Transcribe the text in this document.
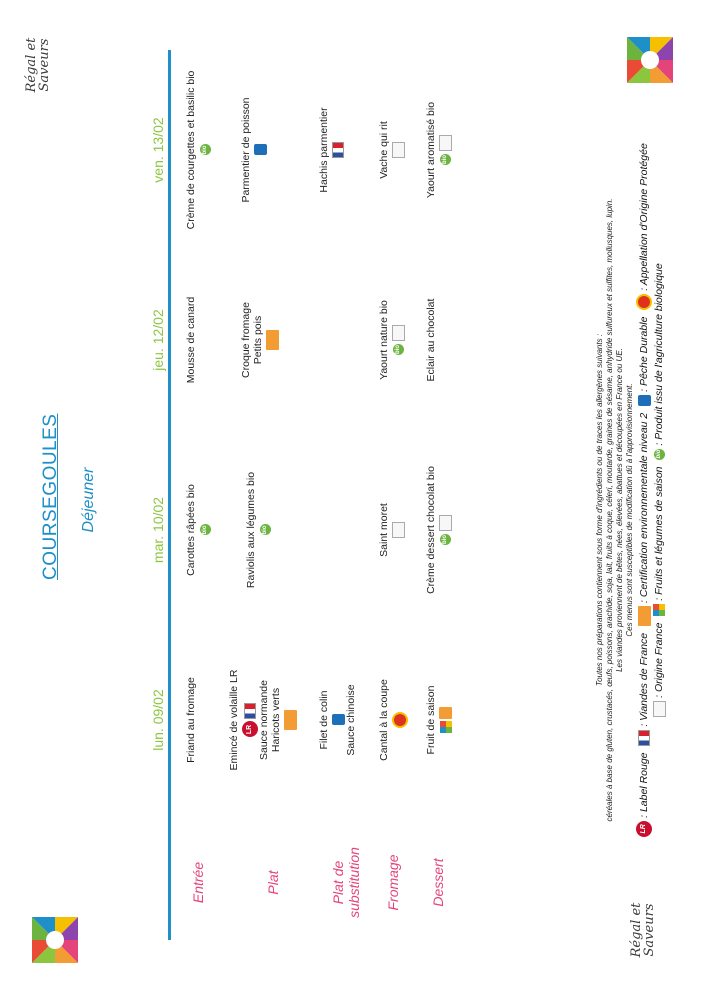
Régal et Saveurs
Régal et Saveurs
COURSEGOULES Déjeuner
lun. 09/02
mar. 10/02
jeu. 12/02
ven. 13/02
Entrée	Plat	Plat de substitution Fromage Dessert
Friand au fromage
Carottes râpées bio bio
Mousse de canard
Crème de courgettes et basilic bio bio
Emincé de volaille LR LR Sauce normande Haricots verts
Raviolis aux légumes bio bio
Croque fromage Petits pois
Parmentier de poisson
Filet de colin Sauce chinoise
Hachis parmentier
Cantal à la coupe
Saint moret
Yaourt nature bio bio
Vache qui rit
Fruit de saison

Crème dessert chocolat bio bio
Eclair au chocolat
Yaourt aromatisé bio bio
Toutes nos préparations contiennent sous forme d'ingrédients ou de traces les allergènes suivants : céréales à base de gluten, crustacés, œufs, poissons, arachide, soja, lait, fruits à coque, céleri, moutarde, graines de sésame, anhydride sulfureux et sulfites, mollusques, lupin. Les viandes proviennent de bêtes, nées, élevées, abattues et découpées en France ou UE. Ces menus sont susceptibles de modification dû à l'approvisionnement.
LR : Label Rouge  : Viandes de France  : Certification environnementale niveau 2  : Pêche Durable  : Appellation d'Origine Protégée
: Origine France  : Fruits et légumes de saison bio : Produit issu de l'agriculture biologique
